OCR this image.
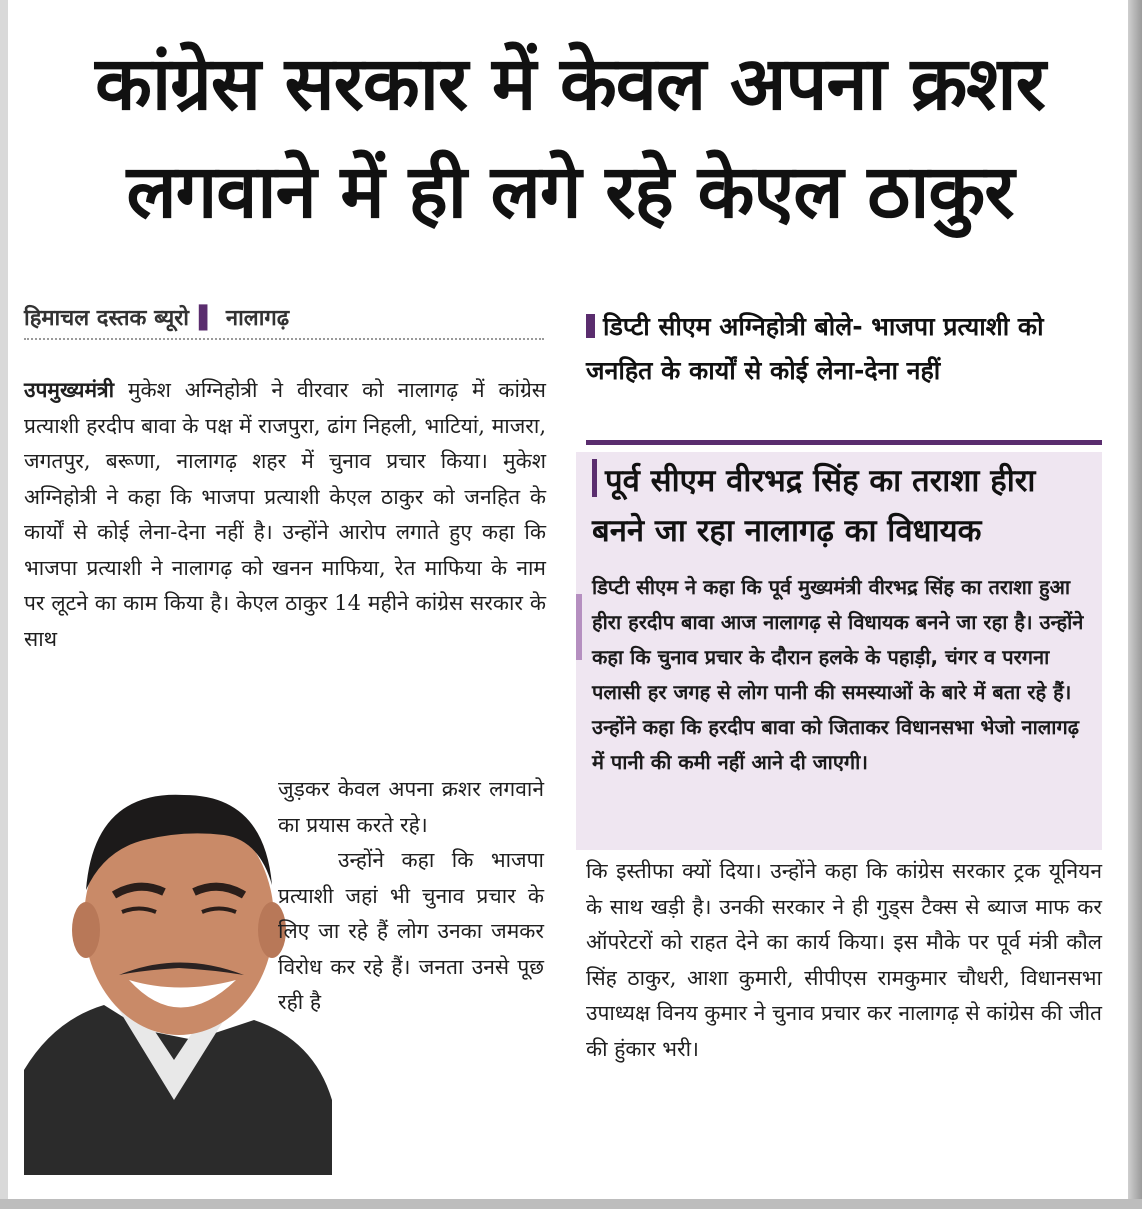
कांग्रेस सरकार में केवल अपना क्रशर
लगवाने में ही लगे रहे केएल ठाकुर
हिमाचल दस्तक ब्यूरो ▌ नालागढ़
उपमुख्यमंत्री मुकेश अग्निहोत्री ने वीरवार को नालागढ़ में कांग्रेस प्रत्याशी हरदीप बावा के पक्ष में राजपुरा, ढांग निहली, भाटियां, माजरा, जगतपुर, बरूणा, नालागढ़ शहर में चुनाव प्रचार किया। मुकेश अग्निहोत्री ने कहा कि भाजपा प्रत्याशी केएल ठाकुर को जनहित के कार्यों से कोई लेना-देना नहीं है। उन्होंने आरोप लगाते हुए कहा कि भाजपा प्रत्याशी ने नालागढ़ को खनन माफिया, रेत माफिया के नाम पर लूटने का काम किया है। केएल ठाकुर 14 महीने कांग्रेस सरकार के साथ
जुड़कर केवल अपना क्रशर लगवाने का प्रयास करते रहे।
उन्होंने कहा कि भाजपा प्रत्याशी जहां भी चुनाव प्रचार के लिए जा रहे हैं लोग उनका जमकर विरोध कर रहे हैं। जनता उनसे पूछ रही है
डिप्टी सीएम अग्निहोत्री बोले- भाजपा प्रत्याशी को जनहित के कार्यों से कोई लेना-देना नहीं
पूर्व सीएम वीरभद्र सिंह का तराशा हीरा बनने जा रहा नालागढ़ का विधायक
डिप्टी सीएम ने कहा कि पूर्व मुख्यमंत्री वीरभद्र सिंह का तराशा हुआ हीरा हरदीप बावा आज नालागढ़ से विधायक बनने जा रहा है। उन्होंने कहा कि चुनाव प्रचार के दौरान हलके के पहाड़ी, चंगर व परगना पलासी हर जगह से लोग पानी की समस्याओं के बारे में बता रहे हैं। उन्होंने कहा कि हरदीप बावा को जिताकर विधानसभा भेजो नालागढ़ में पानी की कमी नहीं आने दी जाएगी।
कि इस्तीफा क्यों दिया। उन्होंने कहा कि कांग्रेस सरकार ट्रक यूनियन के साथ खड़ी है। उनकी सरकार ने ही गुड्स टैक्स से ब्याज माफ कर ऑपरेटरों को राहत देने का कार्य किया। इस मौके पर पूर्व मंत्री कौल सिंह ठाकुर, आशा कुमारी, सीपीएस रामकुमार चौधरी, विधानसभा उपाध्यक्ष विनय कुमार ने चुनाव प्रचार कर नालागढ़ से कांग्रेस की जीत की हुंकार भरी।
